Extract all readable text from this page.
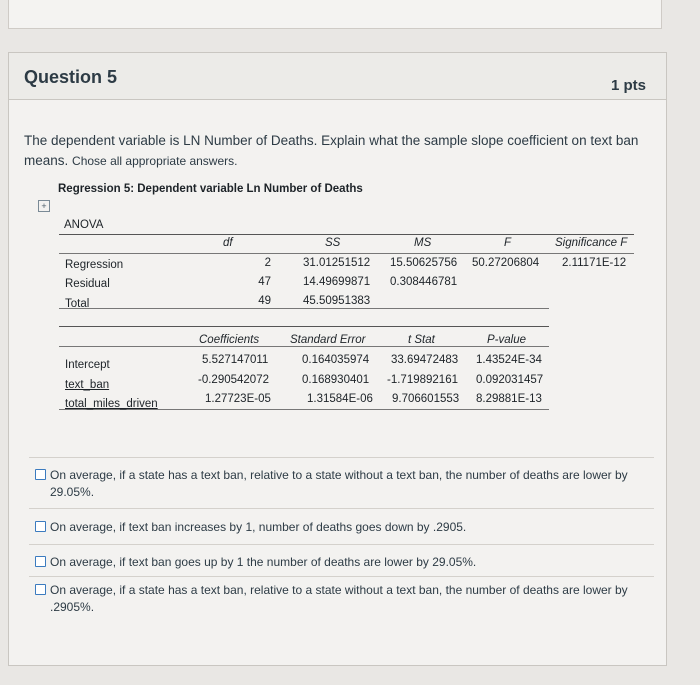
Question 5	1 pts
The dependent variable is LN Number of Deaths. Explain what the sample slope coefficient on text ban means. Chose all appropriate answers.
Regression 5: Dependent variable Ln Number of Deaths
+
ANOVA
df	SS	MS	F	Significance F
Regression	2	31.01251512 15.50625756 50.27206804 2.11171E-12
Residual	47	14.49699871 0.308446781
Total	49	45.50951383
Coefficients	Standard Error	t Stat	P-value
Intercept	5.527147011	0.164035974 33.69472483 1.43524E-34
text_ban	-0.290542072	0.168930401 -1.719892161 0.092031457
total_miles_driven	1.27723E-05	1.31584E-06 9.706601553 8.29881E-13
On average, if a state has a text ban, relative to a state without a text ban, the number of deaths are lower by 29.05%.
On average, if text ban increases by 1, number of deaths goes down by .2905.
On average, if text ban goes up by 1 the number of deaths are lower by 29.05%.
On average, if a state has a text ban, relative to a state without a text ban, the number of deaths are lower by .2905%.
